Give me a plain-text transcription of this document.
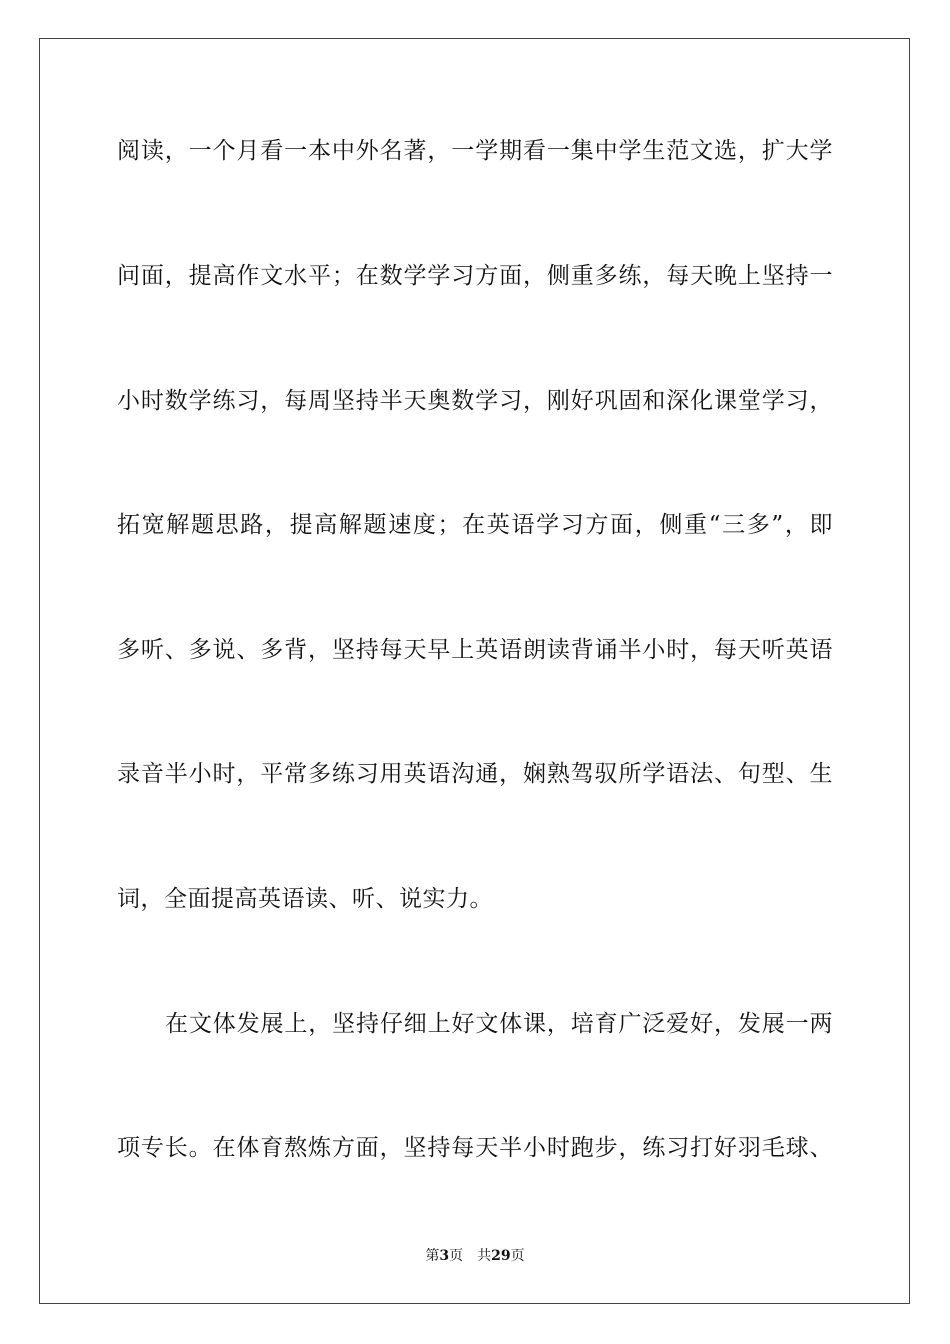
阅读，一个月看一本中外名著，一学期看一集中学生范文选，扩大学
问面，提高作文水平；在数学学习方面，侧重多练，每天晚上坚持一
小时数学练习，每周坚持半天奥数学习，刚好巩固和深化课堂学习，
拓宽解题思路，提高解题速度；在英语学习方面，侧重“三多”，即
多听、多说、多背，坚持每天早上英语朗读背诵半小时，每天听英语
录音半小时，平常多练习用英语沟通，娴熟驾驭所学语法、句型、生
词，全面提高英语读、听、说实力。
在文体发展上，坚持仔细上好文体课，培育广泛爱好，发展一两
项专长。在体育熬炼方面，坚持每天半小时跑步，练习打好羽毛球、
第3页 共29页
